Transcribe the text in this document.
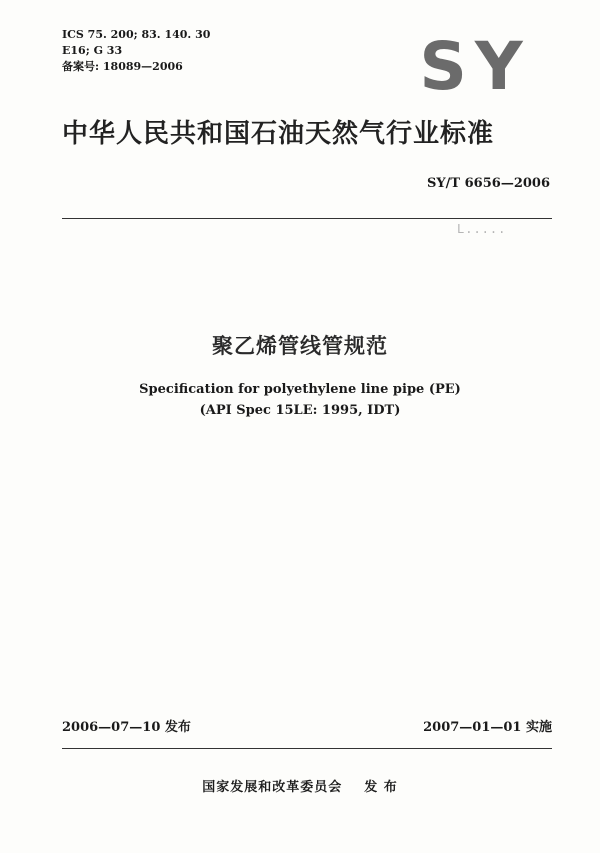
ICS 75. 200; 83. 140. 30
E16; G 33
备案号: 18089—2006	SY
中华人民共和国石油天然气行业标准
SY/T 6656—2006
L.....
聚乙烯管线管规范
Specification for polyethylene line pipe (PE)
(API Spec 15LE: 1995, IDT)
2006—07—10 发布	2007—01—01 实施
国家发展和改革委员会 发 布
